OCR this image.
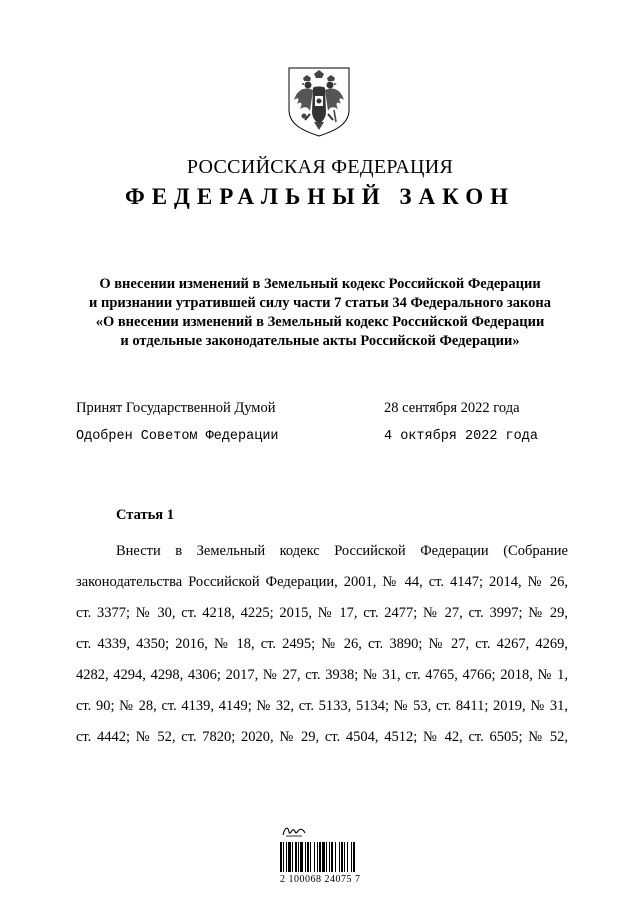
РОССИЙСКАЯ ФЕДЕРАЦИЯ
ФЕДЕРАЛЬНЫЙ ЗАКОН
О внесении изменений в Земельный кодекс Российской Федерации
и признании утратившей силу части 7 статьи 34 Федерального закона
«О внесении изменений в Земельный кодекс Российской Федерации
и отдельные законодательные акты Российской Федерации»
Принят Государственной Думой	28 сентября 2022 года
Одобрен Советом Федерации	4 октября 2022 года
Статья 1
Внести в Земельный кодекс Российской Федерации (Собрание
законодательства Российской Федерации, 2001, № 44, ст. 4147; 2014, № 26,
ст. 3377; № 30, ст. 4218, 4225; 2015, № 17, ст. 2477; № 27, ст. 3997; № 29,
ст. 4339, 4350; 2016, № 18, ст. 2495; № 26, ст. 3890; № 27, ст. 4267, 4269,
4282, 4294, 4298, 4306; 2017, № 27, ст. 3938; № 31, ст. 4765, 4766; 2018, № 1,
ст. 90; № 28, ст. 4139, 4149; № 32, ст. 5133, 5134; № 53, ст. 8411; 2019, № 31,
ст. 4442; № 52, ст. 7820; 2020, № 29, ст. 4504, 4512; № 42, ст. 6505; № 52,
2 100068 24075 7
